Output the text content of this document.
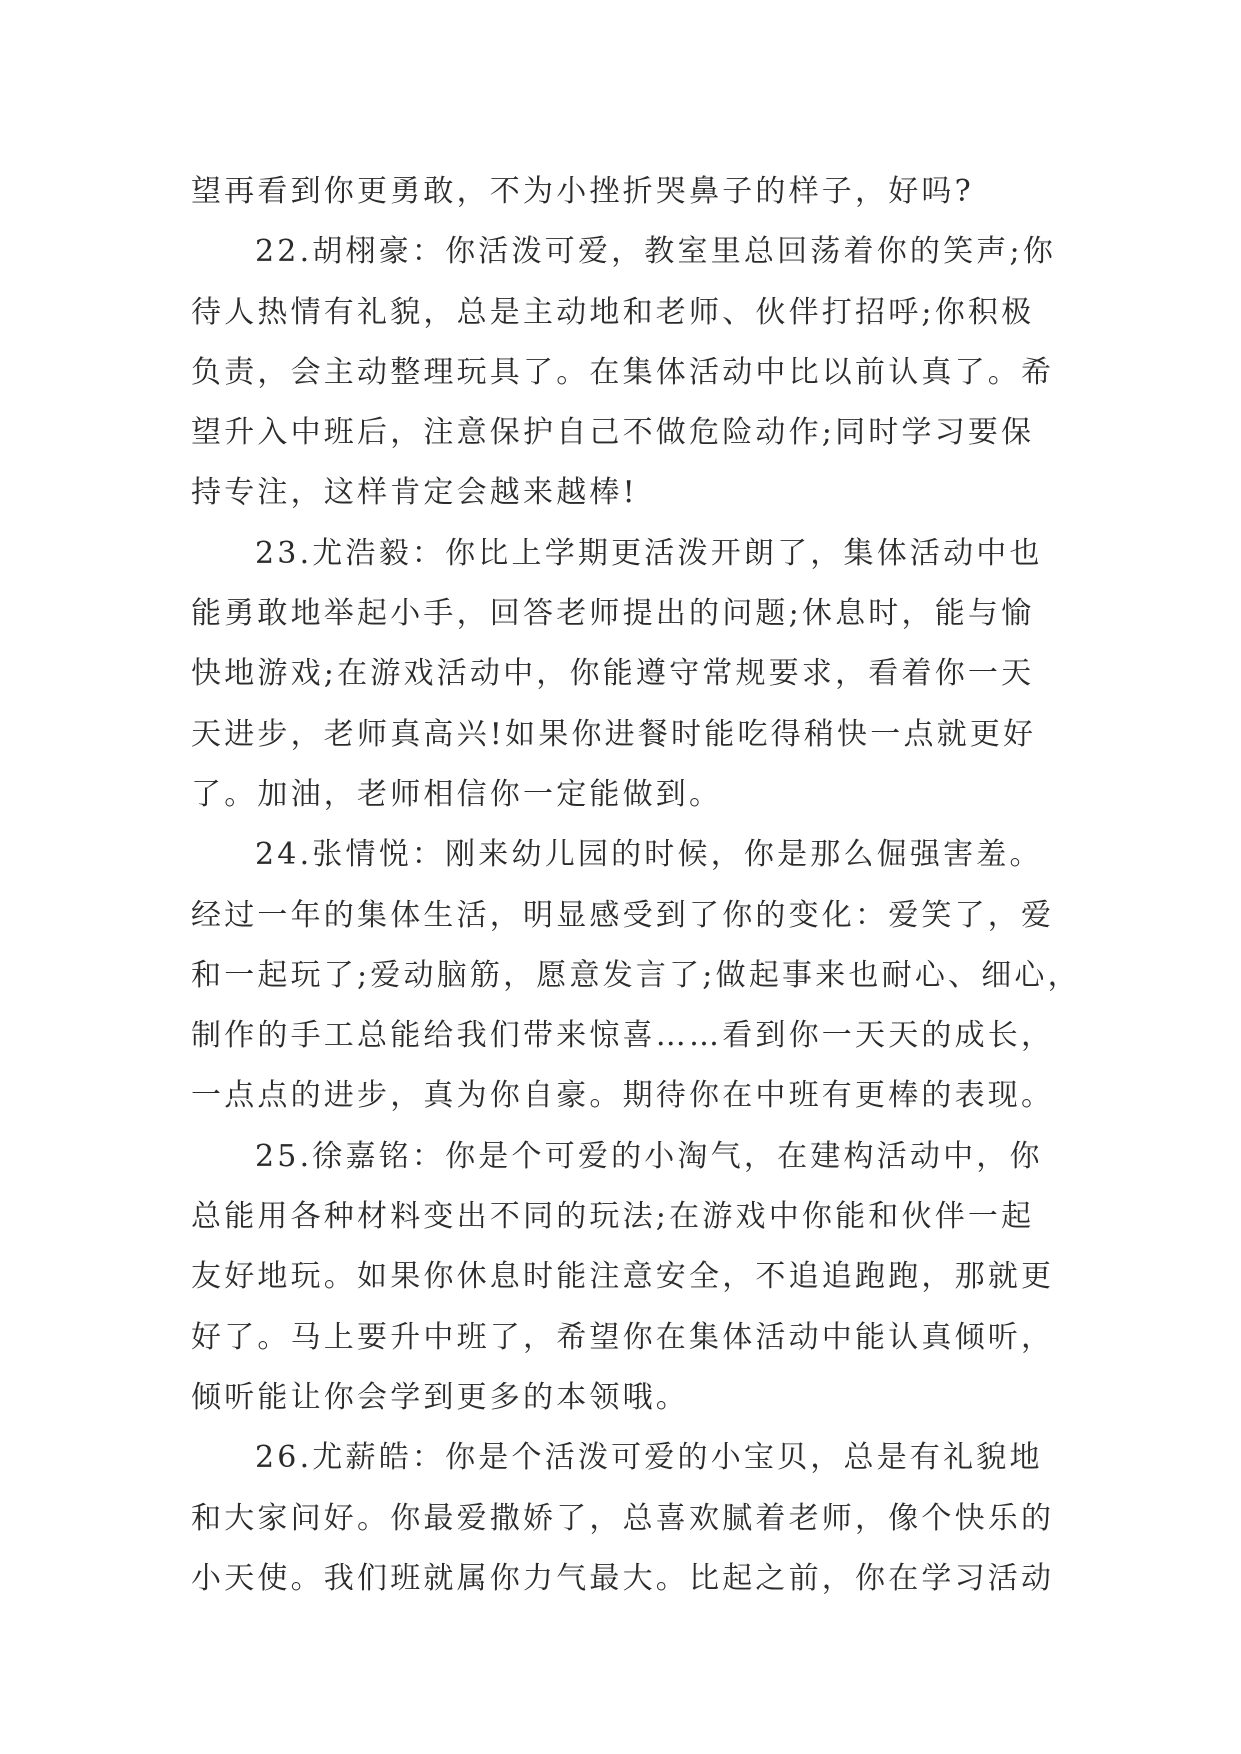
望再看到你更勇敢，不为小挫折哭鼻子的样子，好吗?
22.胡栩豪：你活泼可爱，教室里总回荡着你的笑声;你
待人热情有礼貌，总是主动地和老师、伙伴打招呼;你积极
负责，会主动整理玩具了。在集体活动中比以前认真了。希
望升入中班后，注意保护自己不做危险动作;同时学习要保
持专注，这样肯定会越来越棒!
23.尤浩毅：你比上学期更活泼开朗了，集体活动中也
能勇敢地举起小手，回答老师提出的问题;休息时，能与愉
快地游戏;在游戏活动中，你能遵守常规要求，看着你一天
天进步，老师真高兴!如果你进餐时能吃得稍快一点就更好
了。加油，老师相信你一定能做到。
24.张情悦：刚来幼儿园的时候，你是那么倔强害羞。
经过一年的集体生活，明显感受到了你的变化：爱笑了，爱
和一起玩了;爱动脑筋，愿意发言了;做起事来也耐心、细心，
制作的手工总能给我们带来惊喜……看到你一天天的成长，
一点点的进步，真为你自豪。期待你在中班有更棒的表现。
25.徐嘉铭：你是个可爱的小淘气，在建构活动中，你
总能用各种材料变出不同的玩法;在游戏中你能和伙伴一起
友好地玩。如果你休息时能注意安全，不追追跑跑，那就更
好了。马上要升中班了，希望你在集体活动中能认真倾听，
倾听能让你会学到更多的本领哦。
26.尤薪皓：你是个活泼可爱的小宝贝，总是有礼貌地
和大家问好。你最爱撒娇了，总喜欢腻着老师，像个快乐的
小天使。我们班就属你力气最大。比起之前，你在学习活动
